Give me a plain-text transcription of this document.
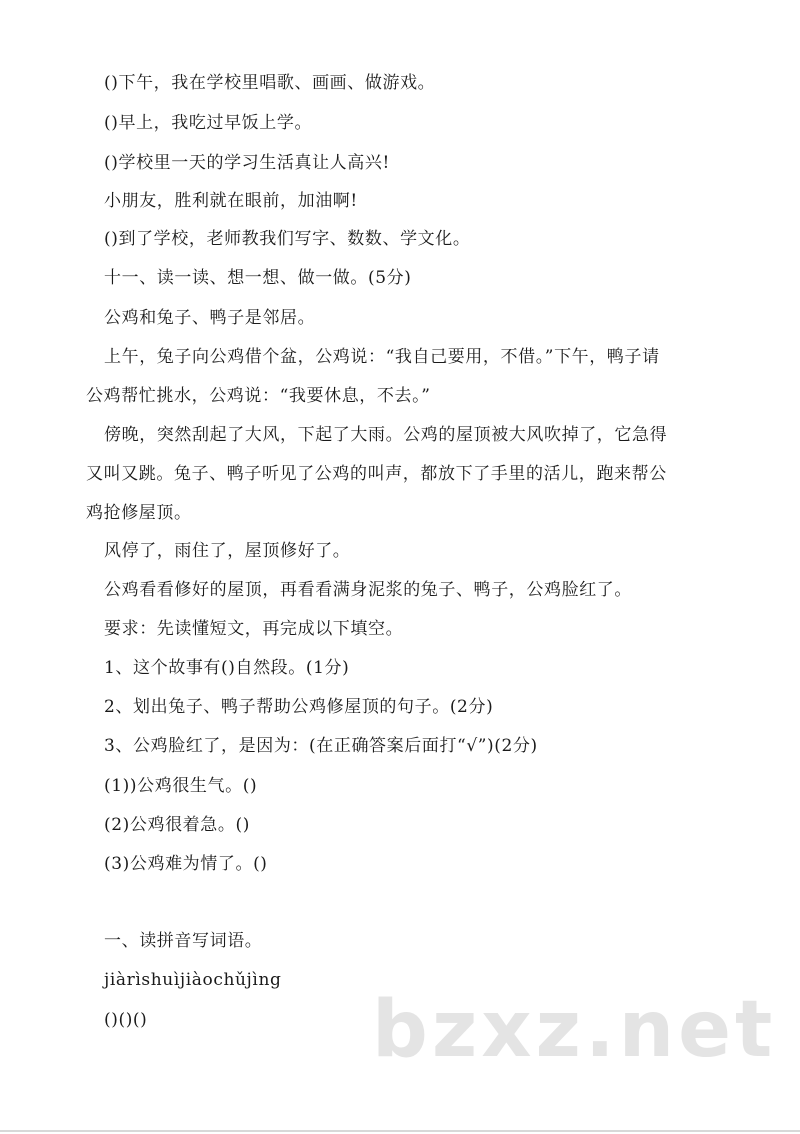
()下午，我在学校里唱歌、画画、做游戏。
()早上，我吃过早饭上学。
()学校里一天的学习生活真让人高兴!
小朋友，胜利就在眼前，加油啊!
()到了学校，老师教我们写字、数数、学文化。
十一、读一读、想一想、做一做。(5分)
公鸡和兔子、鸭子是邻居。
上午，兔子向公鸡借个盆，公鸡说：“我自己要用，不借。”下午，鸭子请
公鸡帮忙挑水，公鸡说：“我要休息，不去。”
傍晚，突然刮起了大风，下起了大雨。公鸡的屋顶被大风吹掉了，它急得
又叫又跳。兔子、鸭子听见了公鸡的叫声，都放下了手里的活儿，跑来帮公
鸡抢修屋顶。
风停了，雨住了，屋顶修好了。
公鸡看看修好的屋顶，再看看满身泥浆的兔子、鸭子，公鸡脸红了。
要求：先读懂短文，再完成以下填空。
1、这个故事有()自然段。(1分)
2、划出兔子、鸭子帮助公鸡修屋顶的句子。(2分)
3、公鸡脸红了，是因为：(在正确答案后面打“√”)(2分)
(1))公鸡很生气。()
(2)公鸡很着急。()
(3)公鸡难为情了。()
一、读拼音写词语。
jiàrìshuìjiàochǔjìng
()()()	bzxz.net
